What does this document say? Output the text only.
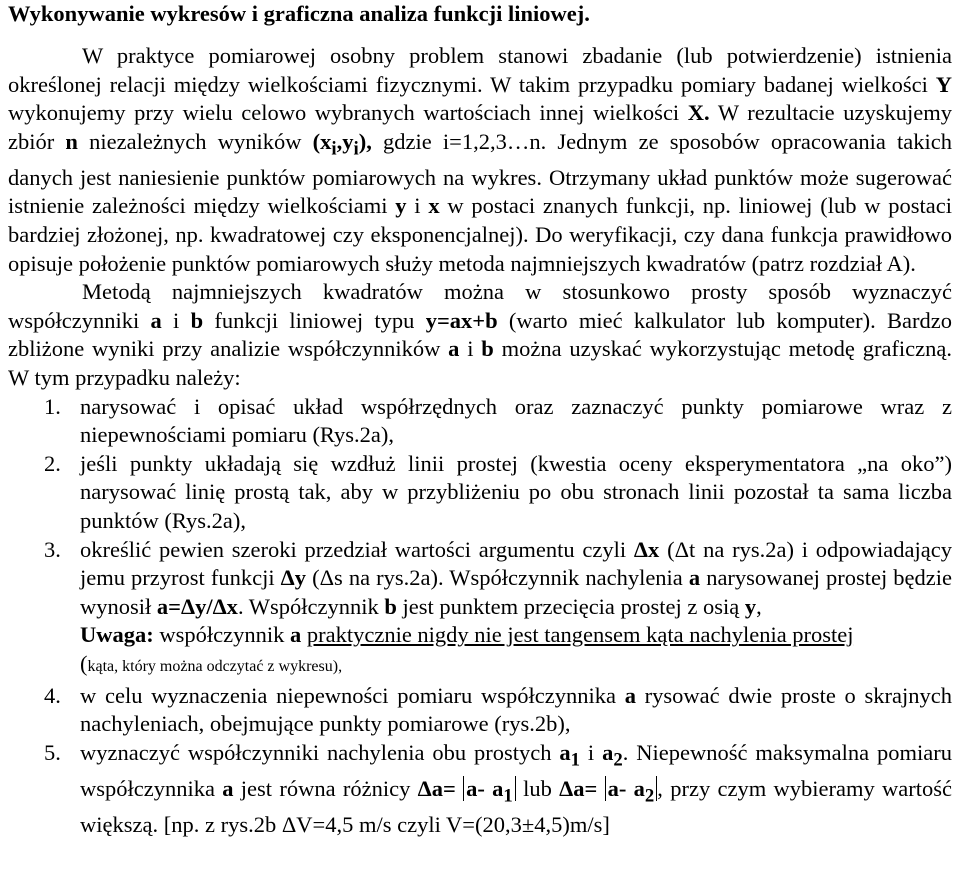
Wykonywanie wykresów i graficzna analiza funkcji liniowej.

W praktyce pomiarowej osobny problem stanowi zbadanie (lub potwierdzenie) istnienia określonej relacji między wielkościami fizycznymi. W takim przypadku pomiary badanej wielkości Y wykonujemy przy wielu celowo wybranych wartościach innej wielkości X. W rezultacie uzyskujemy zbiór n niezależnych wyników $(x_i,y_i)$, gdzie i=1,2,3…n. Jednym ze sposobów opracowania takich danych jest naniesienie punktów pomiarowych na wykres. Otrzymany układ punktów może sugerować istnienie zależności między wielkościami y i x w postaci znanych funkcji, np. liniowej (lub w postaci bardziej złożonej, np. kwadratowej czy eksponencjalnej). Do weryfikacji, czy dana funkcja prawidłowo opisuje położenie punktów pomiarowych służy metoda najmniejszych kwadratów (patrz rozdział A).

Metodą najmniejszych kwadratów można w stosunkowo prosty sposób wyznaczyć współczynniki a i b funkcji liniowej typu y=ax+b (warto mieć kalkulator lub komputer). Bardzo zbliżone wyniki przy analizie współczynników a i b można uzyskać wykorzystując metodę graficzną. W tym przypadku należy:

1. narysować i opisać układ współrzędnych oraz zaznaczyć punkty pomiarowe wraz z niepewnościami pomiaru (Rys.2a),
2. jeśli punkty układają się wzdłuż linii prostej (kwestia oceny eksperymentatora „na oko”) narysować linię prostą tak, aby w przybliżeniu po obu stronach linii pozostał ta sama liczba punktów (Rys.2a),
3. określić pewien szeroki przedział wartości argumentu czyli Δx (Δt na rys.2a) i odpowiadający jemu przyrost funkcji Δy (Δs na rys.2a). Współczynnik nachylenia a narysowanej prostej będzie wynosił a=Δy/Δx. Współczynnik b jest punktem przecięcia prostej z osią y,
Uwaga: współczynnik a praktycznie nigdy nie jest tangensem kąta nachylenia prostej
(kąta, który można odczytać z wykresu),
4. w celu wyznaczenia niepewności pomiaru współczynnika a rysować dwie proste o skrajnych nachyleniach, obejmujące punkty pomiarowe (rys.2b),
5. wyznaczyć współczynniki nachylenia obu prostych $a_1$ i $a_2$. Niepewność maksymalna pomiaru współczynnika a jest równa różnicy Δa= a- $a_1$ lub Δa= a- $a_2$ , przy czym wybieramy wartość większą. [np. z rys.2b ΔV=4,5 m/s czyli V=(20,3±4,5)m/s]
